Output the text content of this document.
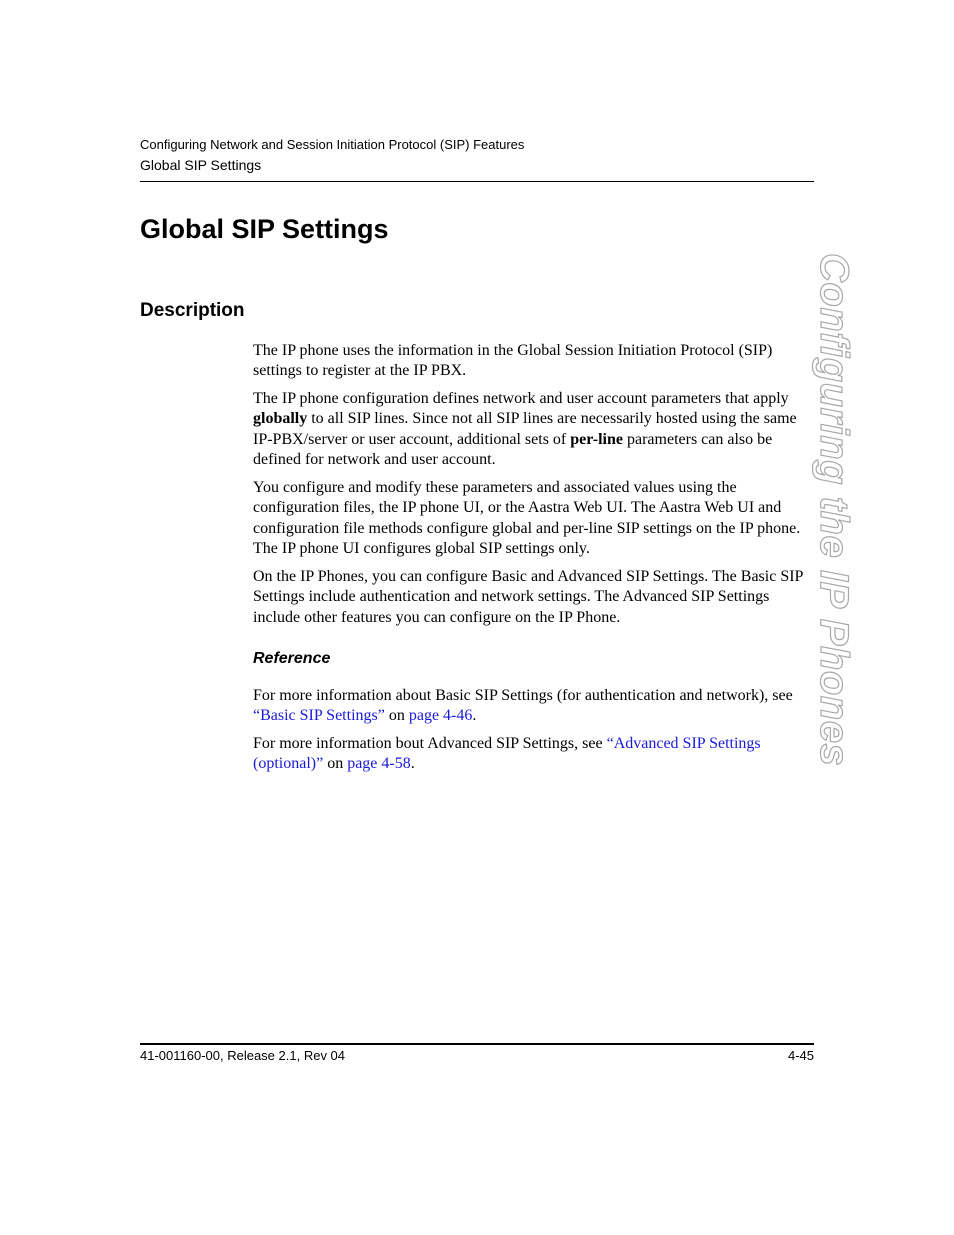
Configuring Network and Session Initiation Protocol (SIP) Features
Global SIP Settings
Global SIP Settings
Description

The IP phone uses the information in the Global Session Initiation Protocol (SIP) settings to register at the IP PBX.

The IP phone configuration defines network and user account parameters that apply globally to all SIP lines. Since not all SIP lines are necessarily hosted using the same IP-PBX/server or user account, additional sets of per-line parameters can also be defined for network and user account.

You configure and modify these parameters and associated values using the configuration files, the IP phone UI, or the Aastra Web UI. The Aastra Web UI and configuration file methods configure global and per-line SIP settings on the IP phone. The IP phone UI configures global SIP settings only.

On the IP Phones, you can configure Basic and Advanced SIP Settings. The Basic SIP Settings include authentication and network settings. The Advanced SIP Settings include other features you can configure on the IP Phone.

Reference

For more information about Basic SIP Settings (for authentication and network), see “Basic SIP Settings” on page 4-46.

For more information bout Advanced SIP Settings, see “Advanced SIP Settings (optional)” on page 4-58.	Configuring the IP Phones
41-001160-00, Release 2.1, Rev 04	4-45
